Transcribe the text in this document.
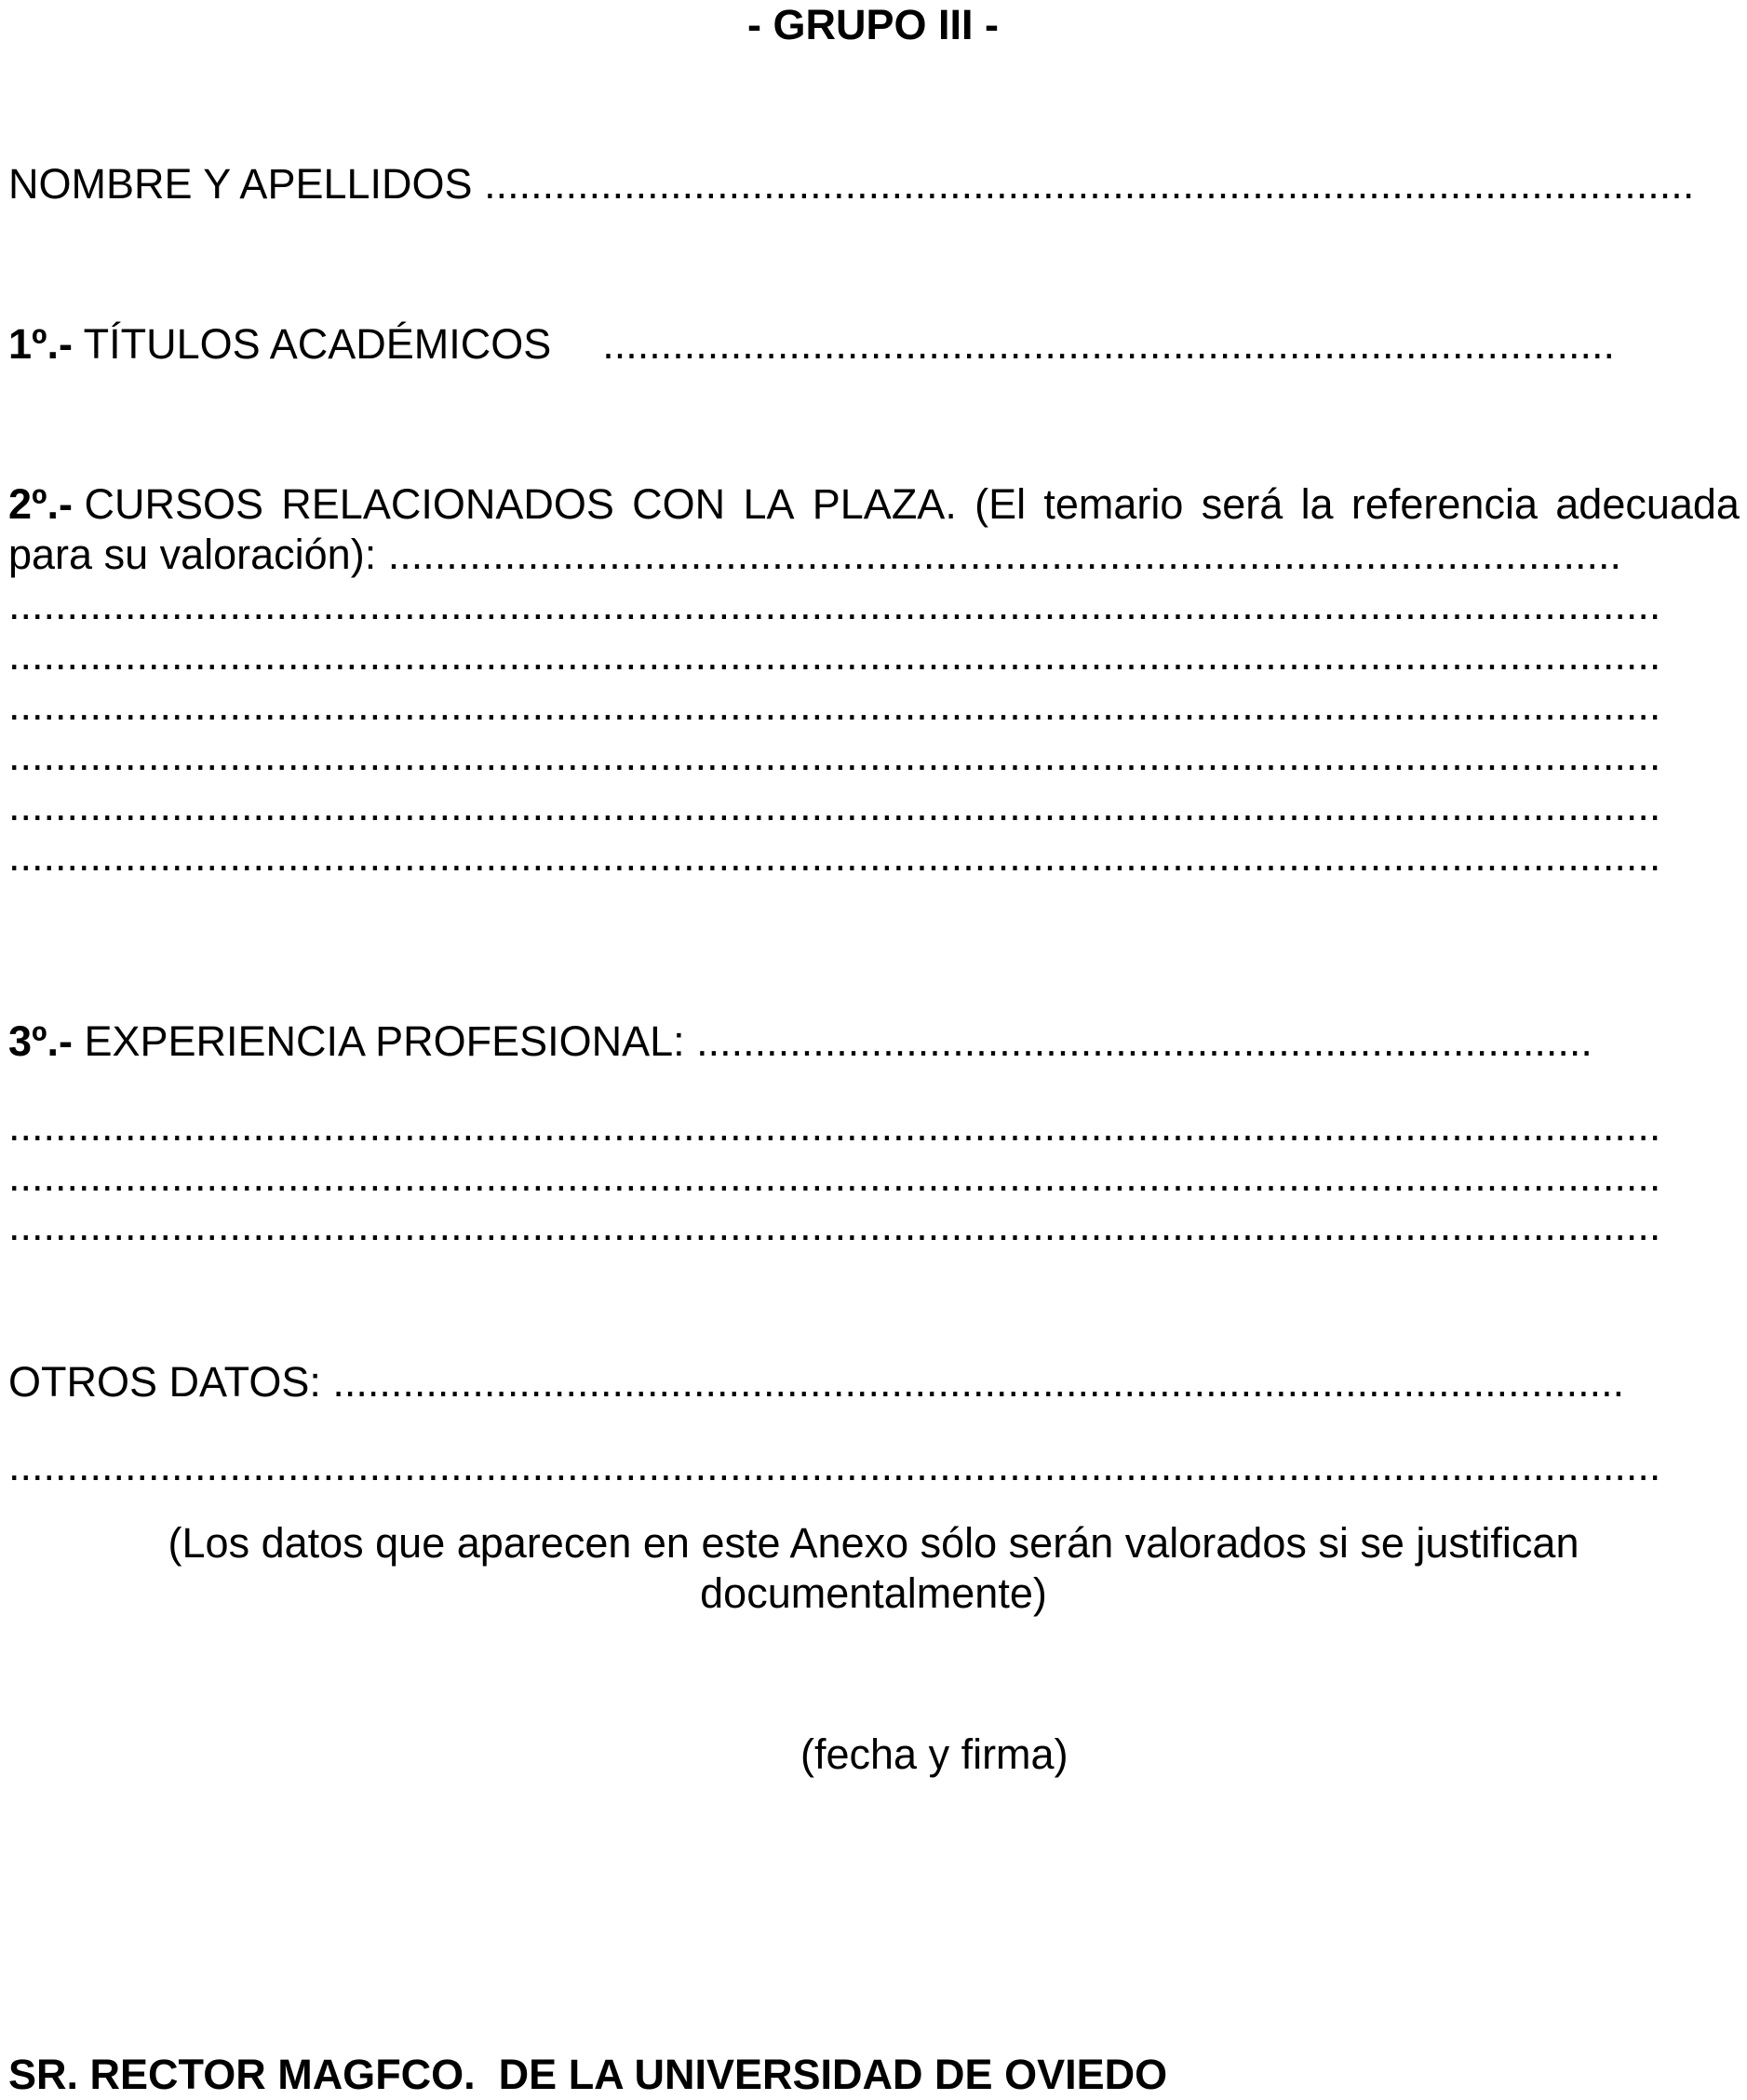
- GRUPO III -
NOMBRE Y APELLIDOS ........................................................................................................
1º.- TÍTULOS ACADÉMICOS .......................................................................................
2º.- CURSOS RELACIONADOS CON LA PLAZA. (El temario será la referencia adecuada
para su valoración): ..........................................................................................................
..............................................................................................................................................
..............................................................................................................................................
..............................................................................................................................................
..............................................................................................................................................
..............................................................................................................................................
..............................................................................................................................................
3º.- EXPERIENCIA PROFESIONAL: .............................................................................
..............................................................................................................................................
..............................................................................................................................................
..............................................................................................................................................
OTROS DATOS: ...............................................................................................................
..............................................................................................................................................
(Los datos que aparecen en este Anexo sólo serán valorados si se justifican
documentalmente)
(fecha y firma)
SR. RECTOR MAGFCO.  DE LA UNIVERSIDAD DE OVIEDO
